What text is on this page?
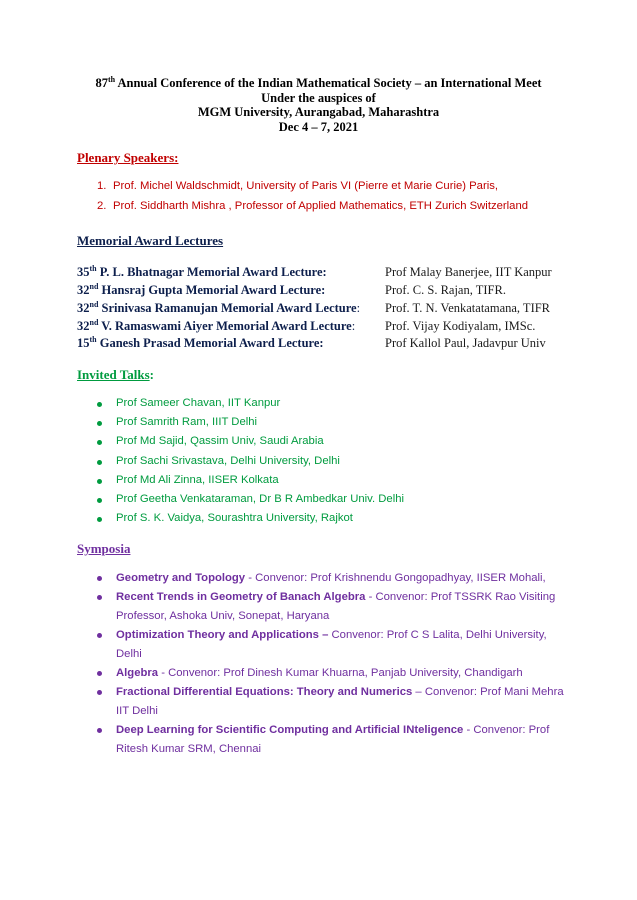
87th Annual Conference of the Indian Mathematical Society – an International Meet
Under the auspices of
MGM University, Aurangabad, Maharashtra
Dec 4 – 7, 2021
Plenary Speakers:
1. Prof. Michel Waldschmidt, University of Paris VI (Pierre et Marie Curie) Paris,
2. Prof. Siddharth Mishra , Professor of Applied Mathematics, ETH Zurich Switzerland
Memorial Award Lectures
35th P. L. Bhatnagar Memorial Award Lecture:	Prof Malay Banerjee, IIT Kanpur
32nd Hansraj Gupta Memorial Award Lecture:	Prof. C. S. Rajan, TIFR.
32nd Srinivasa Ramanujan Memorial Award Lecture: Prof. T. N. Venkatatamana, TIFR
32nd V. Ramaswami Aiyer Memorial Award Lecture: Prof. Vijay Kodiyalam, IMSc.
15th Ganesh Prasad Memorial Award Lecture:	Prof Kallol Paul, Jadavpur Univ
Invited Talks:
Prof Sameer Chavan, IIT Kanpur
Prof Samrith Ram, IIIT Delhi
Prof Md Sajid, Qassim Univ, Saudi Arabia
Prof Sachi Srivastava, Delhi University, Delhi
Prof Md Ali Zinna, IISER Kolkata
Prof Geetha Venkataraman, Dr B R Ambedkar Univ. Delhi
Prof S. K. Vaidya, Sourashtra University, Rajkot
Symposia
Geometry and Topology - Convenor: Prof Krishnendu Gongopadhyay, IISER Mohali,
Recent Trends in Geometry of Banach Algebra - Convenor: Prof TSSRK Rao Visiting Professor, Ashoka Univ, Sonepat, Haryana
Optimization Theory and Applications – Convenor: Prof C S Lalita, Delhi University, Delhi
Algebra - Convenor: Prof Dinesh Kumar Khuarna, Panjab University, Chandigarh
Fractional Differential Equations: Theory and Numerics – Convenor: Prof Mani Mehra IIT Delhi
Deep Learning for Scientific Computing and Artificial INteligence - Convenor: Prof Ritesh Kumar SRM, Chennai
